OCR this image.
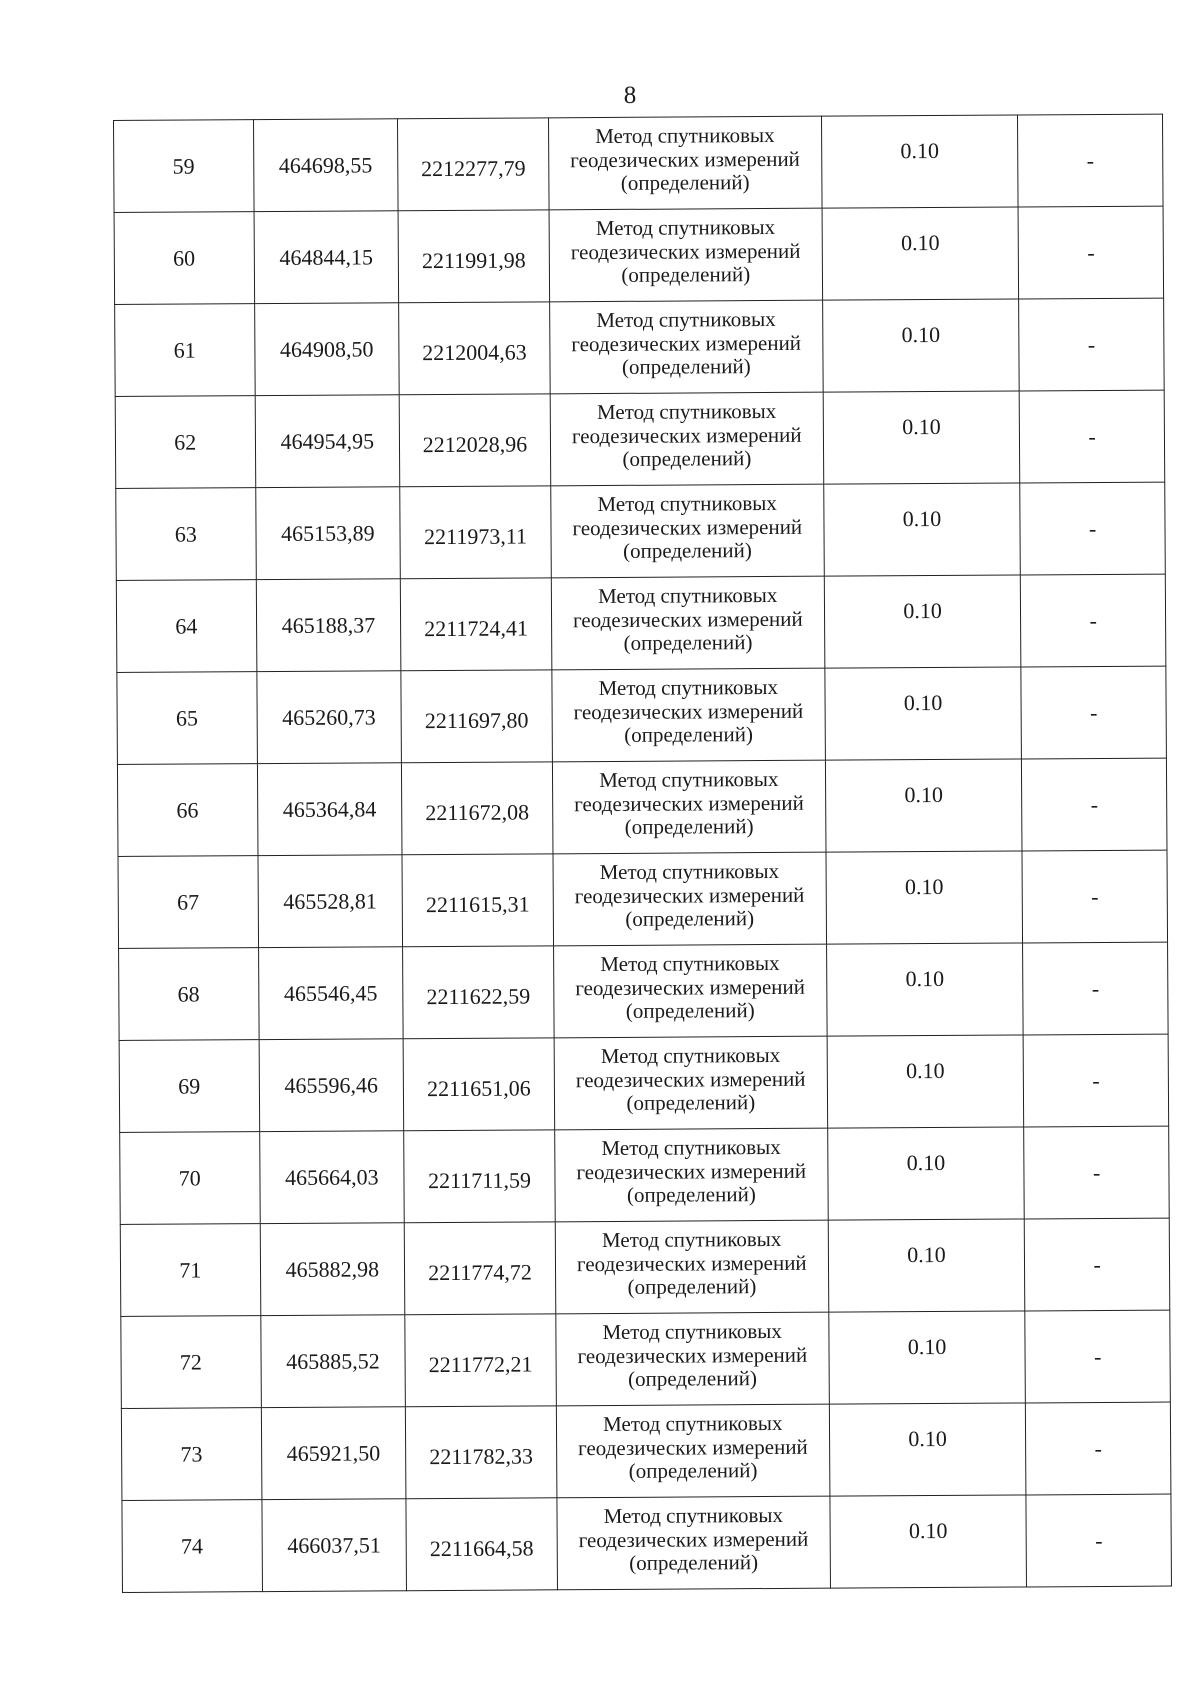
8
59	464698,55	2212277,79	Метод спутниковых
геодезических измерений
(определений)	0.10	-
60	464844,15	2211991,98	Метод спутниковых
геодезических измерений
(определений)	0.10	-
61	464908,50	2212004,63	Метод спутниковых
геодезических измерений
(определений)	0.10	-
62	464954,95	2212028,96	Метод спутниковых
геодезических измерений
(определений)	0.10	-
63	465153,89	2211973,11	Метод спутниковых
геодезических измерений
(определений)	0.10	-
64	465188,37	2211724,41	Метод спутниковых
геодезических измерений
(определений)	0.10	-
65	465260,73	2211697,80	Метод спутниковых
геодезических измерений
(определений)	0.10	-
66	465364,84	2211672,08	Метод спутниковых
геодезических измерений
(определений)	0.10	-
67	465528,81	2211615,31	Метод спутниковых
геодезических измерений
(определений)	0.10	-
68	465546,45	2211622,59	Метод спутниковых
геодезических измерений
(определений)	0.10	-
69	465596,46	2211651,06	Метод спутниковых
геодезических измерений
(определений)	0.10	-
70	465664,03	2211711,59	Метод спутниковых
геодезических измерений
(определений)	0.10	-
71	465882,98	2211774,72	Метод спутниковых
геодезических измерений
(определений)	0.10	-
72	465885,52	2211772,21	Метод спутниковых
геодезических измерений
(определений)	0.10	-
73	465921,50	2211782,33	Метод спутниковых
геодезических измерений
(определений)	0.10	-
74	466037,51	2211664,58	Метод спутниковых
геодезических измерений
(определений)	0.10	-
